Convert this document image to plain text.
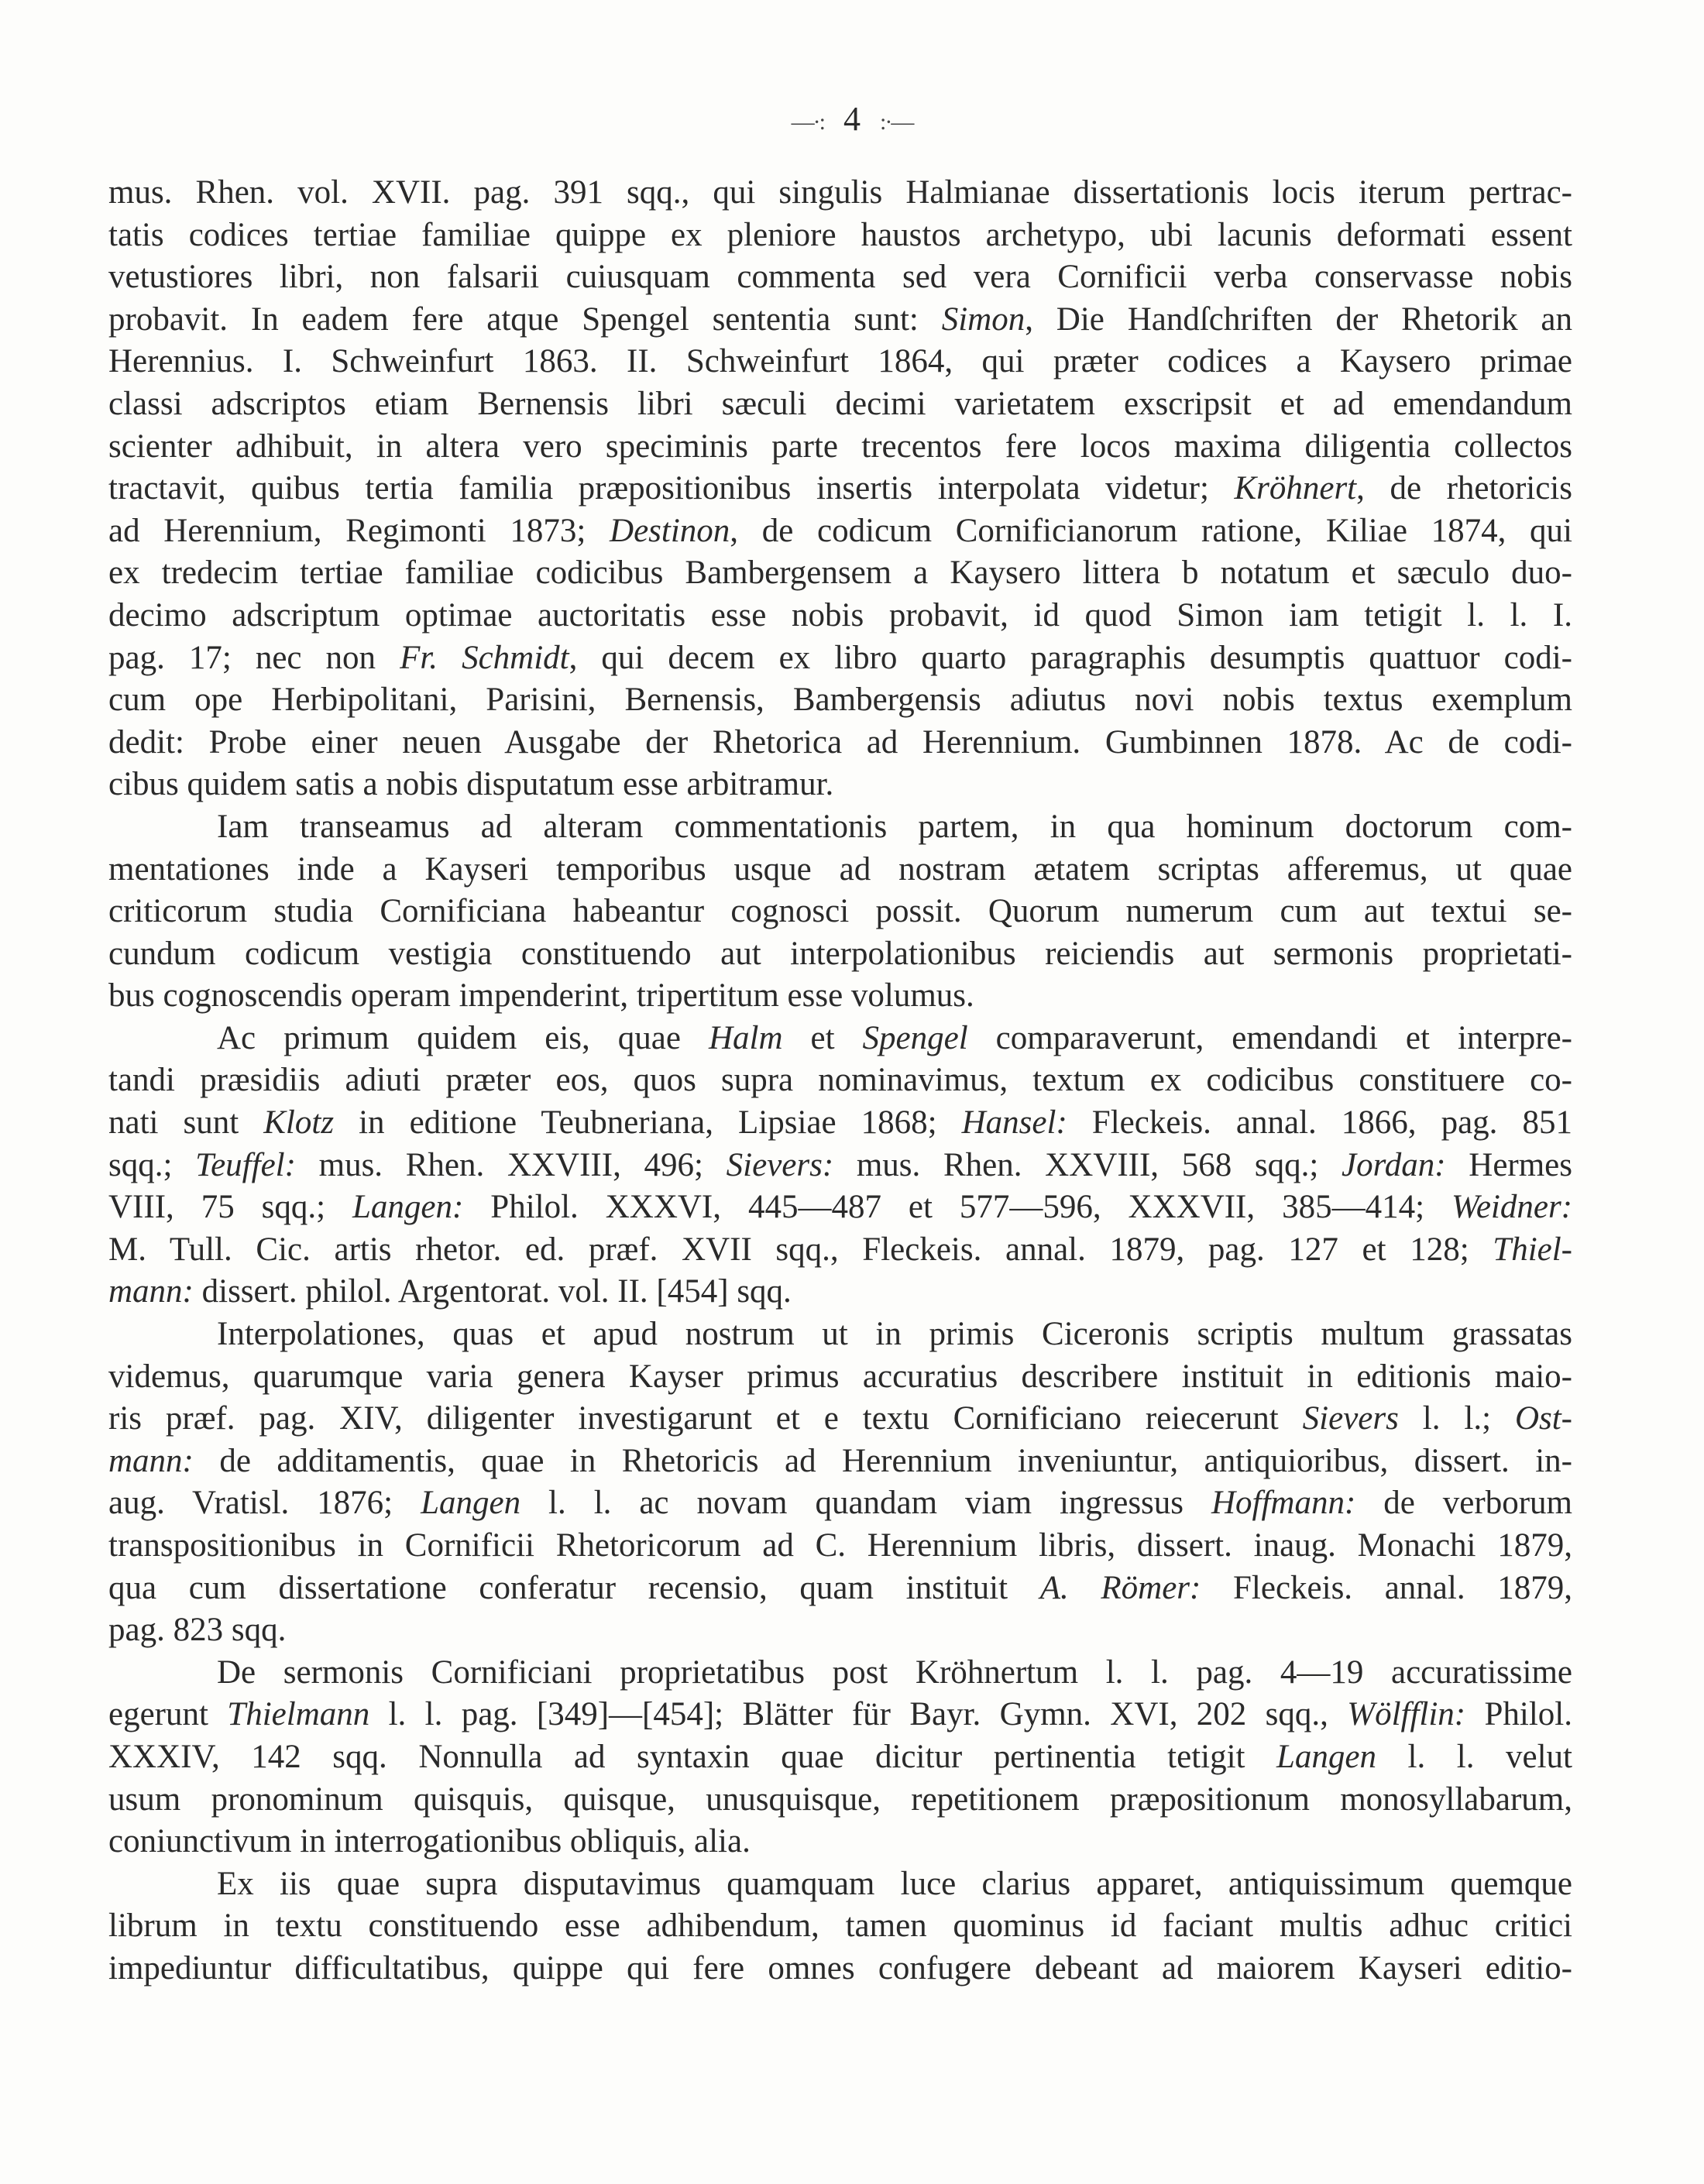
—·: 4 :·—
mus. Rhen. vol. XVII. pag. 391 sqq., qui singulis Halmianae dissertationis locis iterum pertrac-
tatis codices tertiae familiae quippe ex pleniore haustos archetypo, ubi lacunis deformati essent
vetustiores libri, non falsarii cuiusquam commenta sed vera Cornificii verba conservasse nobis
probavit. In eadem fere atque Spengel sententia sunt: Simon, Die Handſchriften der Rhetorik an
Herennius. I. Schweinfurt 1863. II. Schweinfurt 1864, qui præter codices a Kaysero primae
classi adscriptos etiam Bernensis libri sæculi decimi varietatem exscripsit et ad emendandum
scienter adhibuit, in altera vero speciminis parte trecentos fere locos maxima diligentia collectos
tractavit, quibus tertia familia præpositionibus insertis interpolata videtur; Kröhnert, de rhetoricis
ad Herennium, Regimonti 1873; Destinon, de codicum Cornificianorum ratione, Kiliae 1874, qui
ex tredecim tertiae familiae codicibus Bambergensem a Kaysero littera b notatum et sæculo duo-
decimo adscriptum optimae auctoritatis esse nobis probavit, id quod Simon iam tetigit l. l. I.
pag. 17; nec non Fr. Schmidt, qui decem ex libro quarto paragraphis desumptis quattuor codi-
cum ope Herbipolitani, Parisini, Bernensis, Bambergensis adiutus novi nobis textus exemplum
dedit: Probe einer neuen Ausgabe der Rhetorica ad Herennium. Gumbinnen 1878. Ac de codi-
cibus quidem satis a nobis disputatum esse arbitramur.
Iam transeamus ad alteram commentationis partem, in qua hominum doctorum com-
mentationes inde a Kayseri temporibus usque ad nostram ætatem scriptas afferemus, ut quae
criticorum studia Cornificiana habeantur cognosci possit. Quorum numerum cum aut textui se-
cundum codicum vestigia constituendo aut interpolationibus reiciendis aut sermonis proprietati-
bus cognoscendis operam impenderint, tripertitum esse volumus.
Ac primum quidem eis, quae Halm et Spengel comparaverunt, emendandi et interpre-
tandi præsidiis adiuti præter eos, quos supra nominavimus, textum ex codicibus constituere co-
nati sunt Klotz in editione Teubneriana, Lipsiae 1868; Hansel: Fleckeis. annal. 1866, pag. 851
sqq.; Teuffel: mus. Rhen. XXVIII, 496; Sievers: mus. Rhen. XXVIII, 568 sqq.; Jordan: Hermes
VIII, 75 sqq.; Langen: Philol. XXXVI, 445—487 et 577—596, XXXVII, 385—414; Weidner:
M. Tull. Cic. artis rhetor. ed. præf. XVII sqq., Fleckeis. annal. 1879, pag. 127 et 128; Thiel-
mann: dissert. philol. Argentorat. vol. II. [454] sqq.
Interpolationes, quas et apud nostrum ut in primis Ciceronis scriptis multum grassatas
videmus, quarumque varia genera Kayser primus accuratius describere instituit in editionis maio-
ris præf. pag. XIV, diligenter investigarunt et e textu Cornificiano reiecerunt Sievers l. l.; Ost-
mann: de additamentis, quae in Rhetoricis ad Herennium inveniuntur, antiquioribus, dissert. in-
aug. Vratisl. 1876; Langen l. l. ac novam quandam viam ingressus Hoffmann: de verborum
transpositionibus in Cornificii Rhetoricorum ad C. Herennium libris, dissert. inaug. Monachi 1879,
qua cum dissertatione conferatur recensio, quam instituit A. Römer: Fleckeis. annal. 1879,
pag. 823 sqq.
De sermonis Cornificiani proprietatibus post Kröhnertum l. l. pag. 4—19 accuratissime
egerunt Thielmann l. l. pag. [349]—[454]; Blätter für Bayr. Gymn. XVI, 202 sqq., Wölfflin: Philol.
XXXIV, 142 sqq. Nonnulla ad syntaxin quae dicitur pertinentia tetigit Langen l. l. velut
usum pronominum quisquis, quisque, unusquisque, repetitionem præpositionum monosyllabarum,
coniunctivum in interrogationibus obliquis, alia.
Ex iis quae supra disputavimus quamquam luce clarius apparet, antiquissimum quemque
librum in textu constituendo esse adhibendum, tamen quominus id faciant multis adhuc critici
impediuntur difficultatibus, quippe qui fere omnes confugere debeant ad maiorem Kayseri editio-
